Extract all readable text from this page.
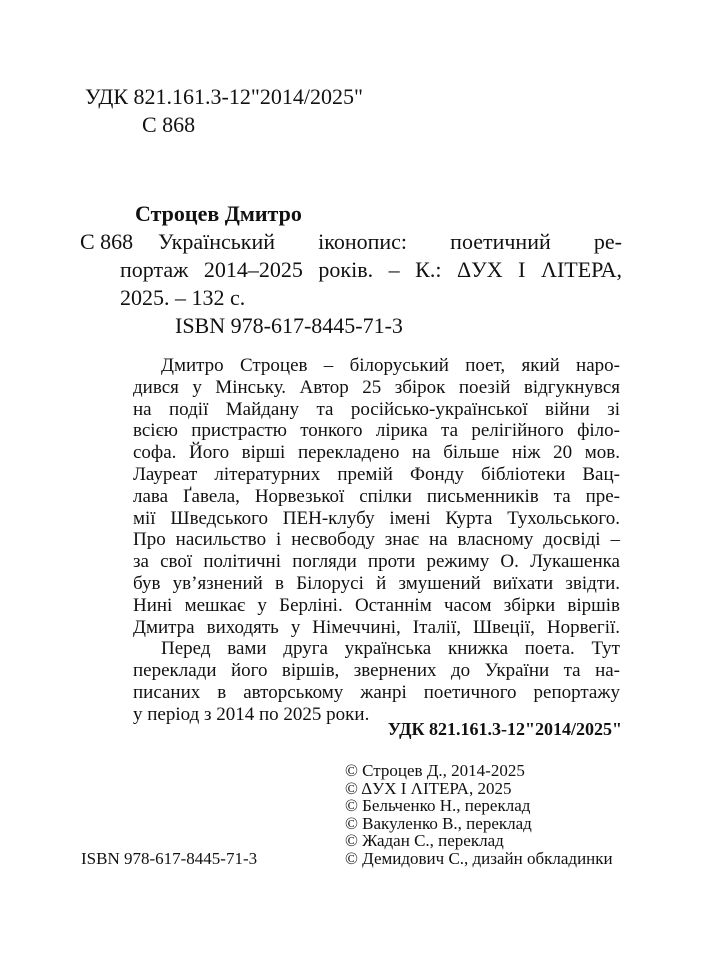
УДК 821.161.3-12"2014/2025"
С 868
Строцев Дмитро
С 868 Український іконопис: поетичний ре-
портаж 2014–2025 років. – К.: ΔУХ І ΛІТЕРА,
2025. – 132 с.
ISBN 978-617-8445-71-3
Дмитро Строцев – білоруський поет, який наро-
дився у Мінську. Автор 25 збірок поезій відгукнувся
на події Майдану та російсько-української війни зі
всією пристрастю тонкого лірика та релігійного філо-
софа. Його вірші перекладено на більше ніж 20 мов.
Лауреат літературних премій Фонду бібліотеки Вац-
лава Ґавела, Норвезької спілки письменників та пре-
мії Шведського ПЕН-клубу імені Курта Тухольського.
Про насильство і несвободу знає на власному досвіді –
за свої політичні погляди проти режиму О. Лукашенка
був ув’язнений в Білорусі й змушений виїхати звідти.
Нині мешкає у Берліні. Останнім часом збірки віршів
Дмитра виходять у Німеччині, Італії, Швеції, Норвегії.
Перед вами друга українська книжка поета. Тут
переклади його віршів, звернених до України та на-
писаних в авторському жанрі поетичного репортажу
у період з 2014 по 2025 роки.
УДК 821.161.3-12"2014/2025"
© Строцев Д., 2014-2025
© ΔУХ І ΛІТЕРА, 2025
© Бельченко Н., переклад
© Вакуленко В., переклад
© Жадан С., переклад
© Демидович С., дизайн обкладинки
ISBN 978-617-8445-71-3
